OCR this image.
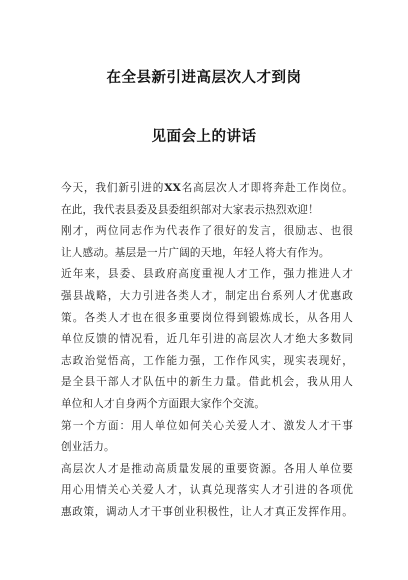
在全县新引进高层次人才到岗
见面会上的讲话
今天，我们新引进的XX名高层次人才即将奔赴工作岗位。
在此，我代表县委及县委组织部对大家表示热烈欢迎！
刚才，两位同志作为代表作了很好的发言，很励志、也很
让人感动。基层是一片广阔的天地，年轻人将大有作为。
近年来，县委、县政府高度重视人才工作，强力推进人才
强县战略，大力引进各类人才，制定出台系列人才优惠政
策。各类人才也在很多重要岗位得到锻炼成长，从各用人
单位反馈的情况看，近几年引进的高层次人才绝大多数同
志政治觉悟高，工作能力强，工作作风实，现实表现好，
是全县干部人才队伍中的新生力量。借此机会，我从用人
单位和人才自身两个方面跟大家作个交流。
第一个方面：用人单位如何关心关爱人才、激发人才干事
创业活力。
高层次人才是推动高质量发展的重要资源。各用人单位要
用心用情关心关爱人才，认真兑现落实人才引进的各项优
惠政策，调动人才干事创业积极性，让人才真正发挥作用。
